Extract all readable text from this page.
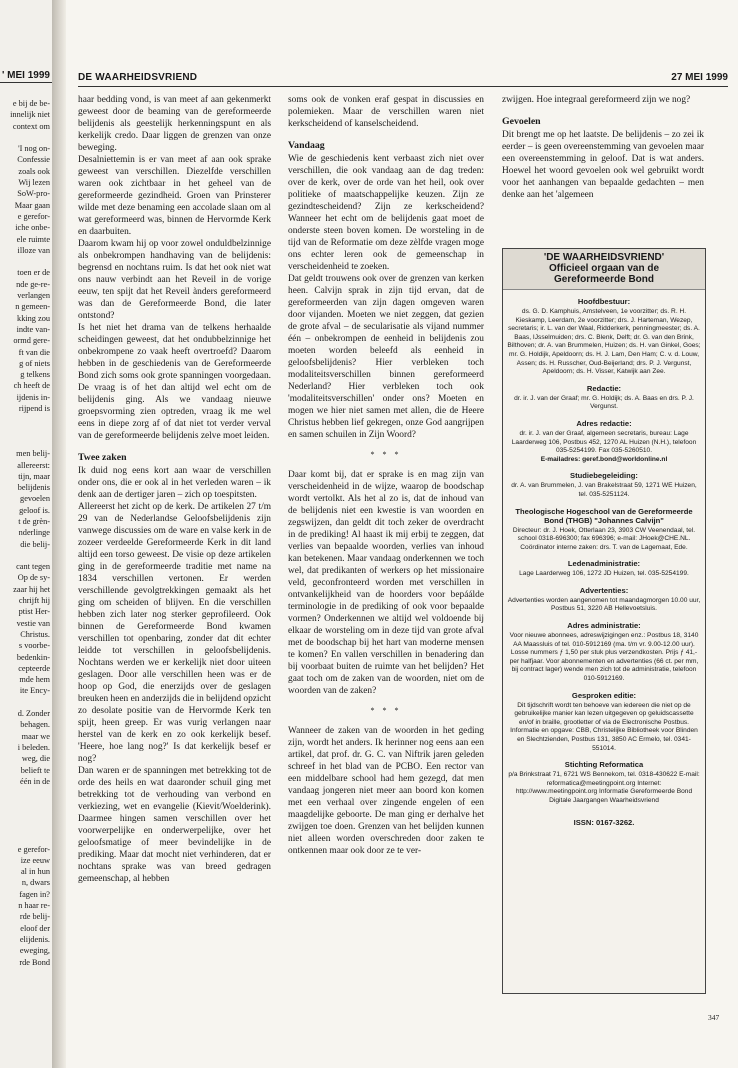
' MEI 1999
e bij de be-
innelijk niet
context om

'I nog on-
Confessie
zoals ook
Wij lezen
SoW-pro-
Maar gaan
e gerefor-
iche onbe-
ele ruimte
illoze van

toen er de
nde ge-re-
verlangen
n gemeen-
kking zou
indte van-
ormd gere-
ft van die
g of niets
g telkens
ch heeft de
ijdenis in-
rijpend is

men belij-
allereerst:
tijn, maar
belijdenis
gevoelen
geloof is.
t de grèn-
nderlinge
die belij-

cant tegen
Op de sy-
zaar hij het
chrijft hij
ptist Her-
vestie van
Christus.
s voorbe-
bedenkin-
cepteerde
mde hem
ite Ency-

d. Zonder
behagen.
maar we
i beleden.
weg, die
belieft te
één in de

e gerefor-
ize eeuw
al in hun
n, dwars
fagen in?
n haar re-
rde belij-
eloof der
elijdenis.
eweging,
rde Bond
DE WAARHEIDSVRIEND	27 MEI 1999

haar bedding vond, is van meet af aan gekenmerkt geweest door de beaming van de gereformeerde belijdenis als geestelijk herkenningspunt en als kerkelijk credo. Daar liggen de grenzen van onze beweging.

Desalniettemin is er van meet af aan ook sprake geweest van verschillen. Diezelfde verschillen waren ook zichtbaar in het geheel van de gereformeerde gezindheid. Groen van Prinsterer wilde met deze benaming een accolade slaan om al wat gereformeerd was, binnen de Hervormde Kerk en daarbuiten.

Daarom kwam hij op voor zowel onduldbelzinnige als onbekrompen handhaving van de belijdenis: begrensd en nochtans ruim. Is dat het ook niet wat ons nauw verbindt aan het Reveil in de vorige eeuw, ten spijt dat het Reveil ànders gereformeerd was dan de Gereformeerde Bond, die later ontstond?

Is het niet het drama van de telkens herhaalde scheidingen geweest, dat het ondubbelzinnige het onbekrompene zo vaak heeft overtroefd? Daarom hebben in de geschiedenis van de Gereformeerde Bond zich soms ook grote spanningen voorgedaan. De vraag is of het dan altijd wel echt om de belijdenis ging. Als we vandaag nieuwe groepsvorming zien optreden, vraag ik me wel eens in diepe zorg af of dat niet tot verder verval van de gereformeerde belijdenis zelve moet leiden.

Twee zaken

Ik duid nog eens kort aan waar de verschillen onder ons, die er ook al in het verleden waren – ik denk aan de dertiger jaren – zich op toespitsten.

Allereerst het zicht op de kerk. De artikelen 27 t/m 29 van de Nederlandse Geloofsbelijdenis zijn vanwege discussies om de ware en valse kerk in de zozeer verdeelde Gereformeerde Kerk in dit land altijd een torso geweest. De visie op deze artikelen ging in de gereformeerde traditie met name na 1834 verschillen vertonen. Er werden verschillende gevolgtrekkingen gemaakt als het ging om scheiden of blijven. En die verschillen hebben zich later nog sterker geprofileerd. Ook binnen de Gereformeerde Bond kwamen verschillen tot openbaring, zonder dat dit echter leidde tot verschillen in geloofsbelijdenis. Nochtans werden we er kerkelijk niet door uiteen geslagen. Door alle verschillen heen was er de hoop op God, die enerzijds over de geslagen breuken heen en anderzijds die in belijdend opzicht zo desolate positie van de Hervormde Kerk ten spijt, heen greep. Er was vurig verlangen naar herstel van de kerk en zo ook kerkelijk besef. 'Heere, hoe lang nog?' Is dat kerkelijk besef er nog?

Dan waren er de spanningen met betrekking tot de orde des heils en wat daaronder schuil ging met betrekking tot de verhouding van verbond en verkiezing, wet en evangelie (Kievit/Woelderink). Daarmee hingen samen verschillen over het voorwerpelijke en onderwerpelijke, over het geloofsmatige of meer bevindelijke in de prediking. Maar dat mocht niet verhinderen, dat er nochtans sprake was van breed gedragen gemeenschap, al hebben

soms ook de vonken eraf gespat in discussies en polemieken. Maar de verschillen waren niet kerkscheidend of kanselscheidend.

Vandaag

Wie de geschiedenis kent verbaast zich niet over verschillen, die ook vandaag aan de dag treden: over de kerk, over de orde van het heil, ook over politieke of maatschappelijke keuzen. Zijn ze gezindtescheidend? Zijn ze kerkscheidend? Wanneer het echt om de belijdenis gaat moet de onderste steen boven komen. De worsteling in de tijd van de Reformatie om deze zèlfde vragen moge ons echter leren ook de gemeenschap in verscheidenheid te zoeken.

Dat geldt trouwens ook over de grenzen van kerken heen. Calvijn sprak in zijn tijd ervan, dat de gereformeerden van zijn dagen omgeven waren door vijanden. Moeten we niet zeggen, dat gezien de grote afval – de secularisatie als vijand nummer één – onbekrompen de eenheid in belijdenis zou moeten worden beleefd als eenheid in geloofsbelijdenis? Hier verbleken toch modaliteitsverschillen binnen gereformeerd Nederland? Hier verbleken toch ook 'modaliteitsverschillen' onder ons? Moeten en mogen we hier niet samen met allen, die de Heere Christus hebben lief gekregen, onze God aangrijpen en samen schuilen in Zijn Woord?

* * *

Daar komt bij, dat er sprake is en mag zijn van verscheidenheid in de wijze, waarop de boodschap wordt vertolkt. Als het al zo is, dat de inhoud van de belijdenis niet een kwestie is van woorden en zegswijzen, dan geldt dit toch zeker de overdracht in de prediking! Al haast ik mij erbij te zeggen, dat verlies van bepaalde woorden, verlies van inhoud kan betekenen. Maar vandaag onderkennen we toch wel, dat predikanten of werkers op het missionaire veld, geconfronteerd worden met verschillen in ontvankelijkheid van de hoorders voor bepáálde terminologie in de prediking of ook voor bepaalde vormen? Onderkennen we altijd wel voldoende bij elkaar de worsteling om in deze tijd van grote afval met de boodschap bij het hart van moderne mensen te komen? En vallen verschillen in benadering dan bij voorbaat buiten de ruimte van het belijden? Het gaat toch om de zaken van de woorden, niet om de woorden van de zaken?

* * *

Wanneer de zaken van de woorden in het geding zijn, wordt het anders. Ik herinner nog eens aan een artikel, dat prof. dr. G. C. van Niftrik jaren geleden schreef in het blad van de PCBO. Een rector van een middelbare school had hem gezegd, dat men vandaag jongeren niet meer aan boord kon komen met een verhaal over zingende engelen of een maagdelijke geboorte. De man ging er derhalve het zwijgen toe doen. Grenzen van het belijden kunnen niet alleen worden overschreden door zaken te ontkennen maar ook door ze te ver-

zwijgen. Hoe integraal gereformeerd zijn we nog?

Gevoelen

Dit brengt me op het laatste. De belijdenis – zo zei ik eerder – is geen overeenstemming van gevoelen maar een overeenstemming in geloof. Dat is wat anders. Hoewel het woord gevoelen ook wel gebruikt wordt voor het aanhangen van bepaalde gedachten – men denke aan het 'algemeen

'DE WAARHEIDSVRIEND'
Officieel orgaan van de
Gereformeerde Bond
Hoofdbestuur:
ds. G. D. Kamphuis, Amstelveen, 1e voorzitter; ds. R. H. Kieskamp, Leerdam, 2e voorzitter; drs. J. Harteman, Wezep, secretaris; ir. L. van der Waal, Ridderkerk, penningmeester; ds. A. Baas, IJsselmuiden; drs. C. Blenk, Delft; dr. G. van den Brink, Bilthoven; dr. A. van Brummelen, Huizen; ds. H. van Ginkel, Goes; mr. G. Holdijk, Apeldoorn; ds. H. J. Lam, Den Ham; C. v. d. Louw, Assen; ds. H. Russcher, Oud-Beijerland; drs. P. J. Vergunst, Apeldoorn; ds. H. Visser, Katwijk aan Zee.
Redactie:
dr. ir. J. van der Graaf; mr. G. Holdijk; ds. A. Baas en drs. P. J. Vergunst.
Adres redactie:
dr. ir. J. van der Graaf, algemeen secretaris, bureau: Lage Laarderweg 106, Postbus 452, 1270 AL Huizen (N.H.), telefoon 035-5254199. Fax 035-5260510.
E-mailadres: geref.bond@worldonline.nl
Studiebegeleiding:
dr. A. van Brummelen, J. van Brakelstraat 59, 1271 WE Huizen, tel. 035-5251124.
Theologische Hogeschool van de Gereformeerde Bond (THGB) "Johannes Calvijn"
Directeur: dr. J. Hoek, Otterlaan 23, 3903 CW Veenendaal, tel. school 0318-696300; fax 696396; e-mail: JHoek@CHE.NL. Coördinator interne zaken: drs. T. van de Lagemaat, Ede.
Ledenadministratie:
Lage Laarderweg 106, 1272 JD Huizen, tel. 035-5254199.
Advertenties:
Advertenties worden aangenomen tot maandagmorgen 10.00 uur, Postbus 51, 3220 AB Hellevoetsluis.
Adres administratie:
Voor nieuwe abonnees, adreswijzigingen enz.: Postbus 18, 3140 AA Maassluis of tel. 010-5912169 (ma. t/m vr. 9.00-12.00 uur). Losse nummers ƒ 1,50 per stuk plus verzendkosten. Prijs ƒ 41,- per halfjaar. Voor abonnementen en advertenties (66 ct. per mm, bij contract lager) wende men zich tot de administratie, telefoon 010-5912169.
Gesproken editie:
Dit tijdschrift wordt ten behoeve van iedereen die niet op de gebruikelijke manier kan lezen uitgegeven op geluidscassette en/of in braille, grootletter of via de Electronische Postbus. Informatie en opgave: CBB, Christelijke Bibliotheek voor Blinden en Slechtzienden, Postbus 131, 3850 AC Ermelo, tel. 0341-551014.
Stichting Reformatica
p/a Brinkstraat 71, 6721 WS Bennekom, tel. 0318-430622 E-mail: reformatica@meetingpoint.org Internet: http://www.meetingpoint.org Informatie Gereformeerde Bond Digitale Jaargangen Waarheidsvriend
ISSN: 0167-3262.
347
